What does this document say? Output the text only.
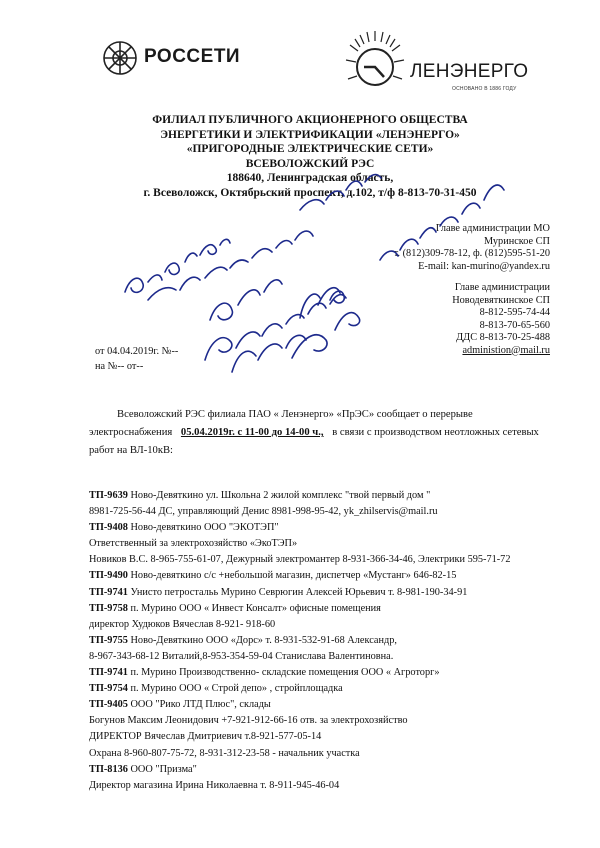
РОССЕТИ
ЛЕНЭНЕРГО
ОСНОВАНО В 1886 ГОДУ
ФИЛИАЛ ПУБЛИЧНОГО АКЦИОНЕРНОГО ОБЩЕСТВА
ЭНЕРГЕТИКИ И ЭЛЕКТРИФИКАЦИИ «ЛЕНЭНЕРГО»
«ПРИГОРОДНЫЕ ЭЛЕКТРИЧЕСКИЕ СЕТИ»
ВСЕВОЛОЖСКИЙ РЭС
188640, Ленинградская область,
г. Всеволожск, Октябрьский проспект, д.102, т/ф 8-813-70-31-450
Главе администрации МО
Муринское СП
т. (812)309-78-12, ф. (812)595-51-20
E-mail: kan-murino@yandex.ru
Главе администрации
Новодевяткинское СП
8-812-595-74-44
8-813-70-65-560
ДДС 8-813-70-25-488
administion@mail.ru
от 04.04.2019г. №--
на №-- от--
Всеволожский РЭС филиала ПАО « Ленэнерго» «ПрЭС» сообщает о перерыве
электроснабжения 05.04.2019г. с 11-00 до 14-00 ч., в связи с производством неотложных сетевых
работ на ВЛ-10кВ:
ТП-9639 Ново-Девяткино ул. Школьна 2 жилой комплекс "твой первый дом "
8981-725-56-44 ДС, управляющий Денис 8981-998-95-42, yk_zhilservis@mail.ru
ТП-9408 Ново-девяткино ООО "ЭКОТЭП"
Ответственный за электрохозяйство «ЭкоТЭП»
Новиков В.С. 8-965-755-61-07, Дежурный электромантер 8-931-366-34-46, Электрики 595-71-72
ТП-9490 Ново-девяткино с/с +небольшой магазин, диспетчер «Мустанг» 646-82-15
ТП-9741 Унисто петростальь Мурино Севрюгин Алексей Юрьевич т. 8-981-190-34-91
ТП-9758 п. Мурино ООО « Инвест Консалт» офисные помещения
директор Худюков Вячеслав 8-921- 918-60
ТП-9755 Ново-Девяткино ООО «Дорс» т. 8-931-532-91-68 Александр,
8-967-343-68-12 Виталий,8-953-354-59-04 Станислава Валентиновна.
ТП-9741 п. Мурино Производственно- складские помещения ООО « Агроторг»
ТП-9754 п. Мурино ООО « Строй депо» , стройплощадка
ТП-9405 ООО "Рико ЛТД Плюс", склады
Богунов Максим Леонидович +7-921-912-66-16 отв. за электрохозяйство
ДИРЕКТОР Вячеслав Дмитриевич т.8-921-577-05-14
Охрана 8-960-807-75-72, 8-931-312-23-58 - начальник участка
ТП-8136 ООО "Призма"
Директор магазина Ирина Николаевна т. 8-911-945-46-04
